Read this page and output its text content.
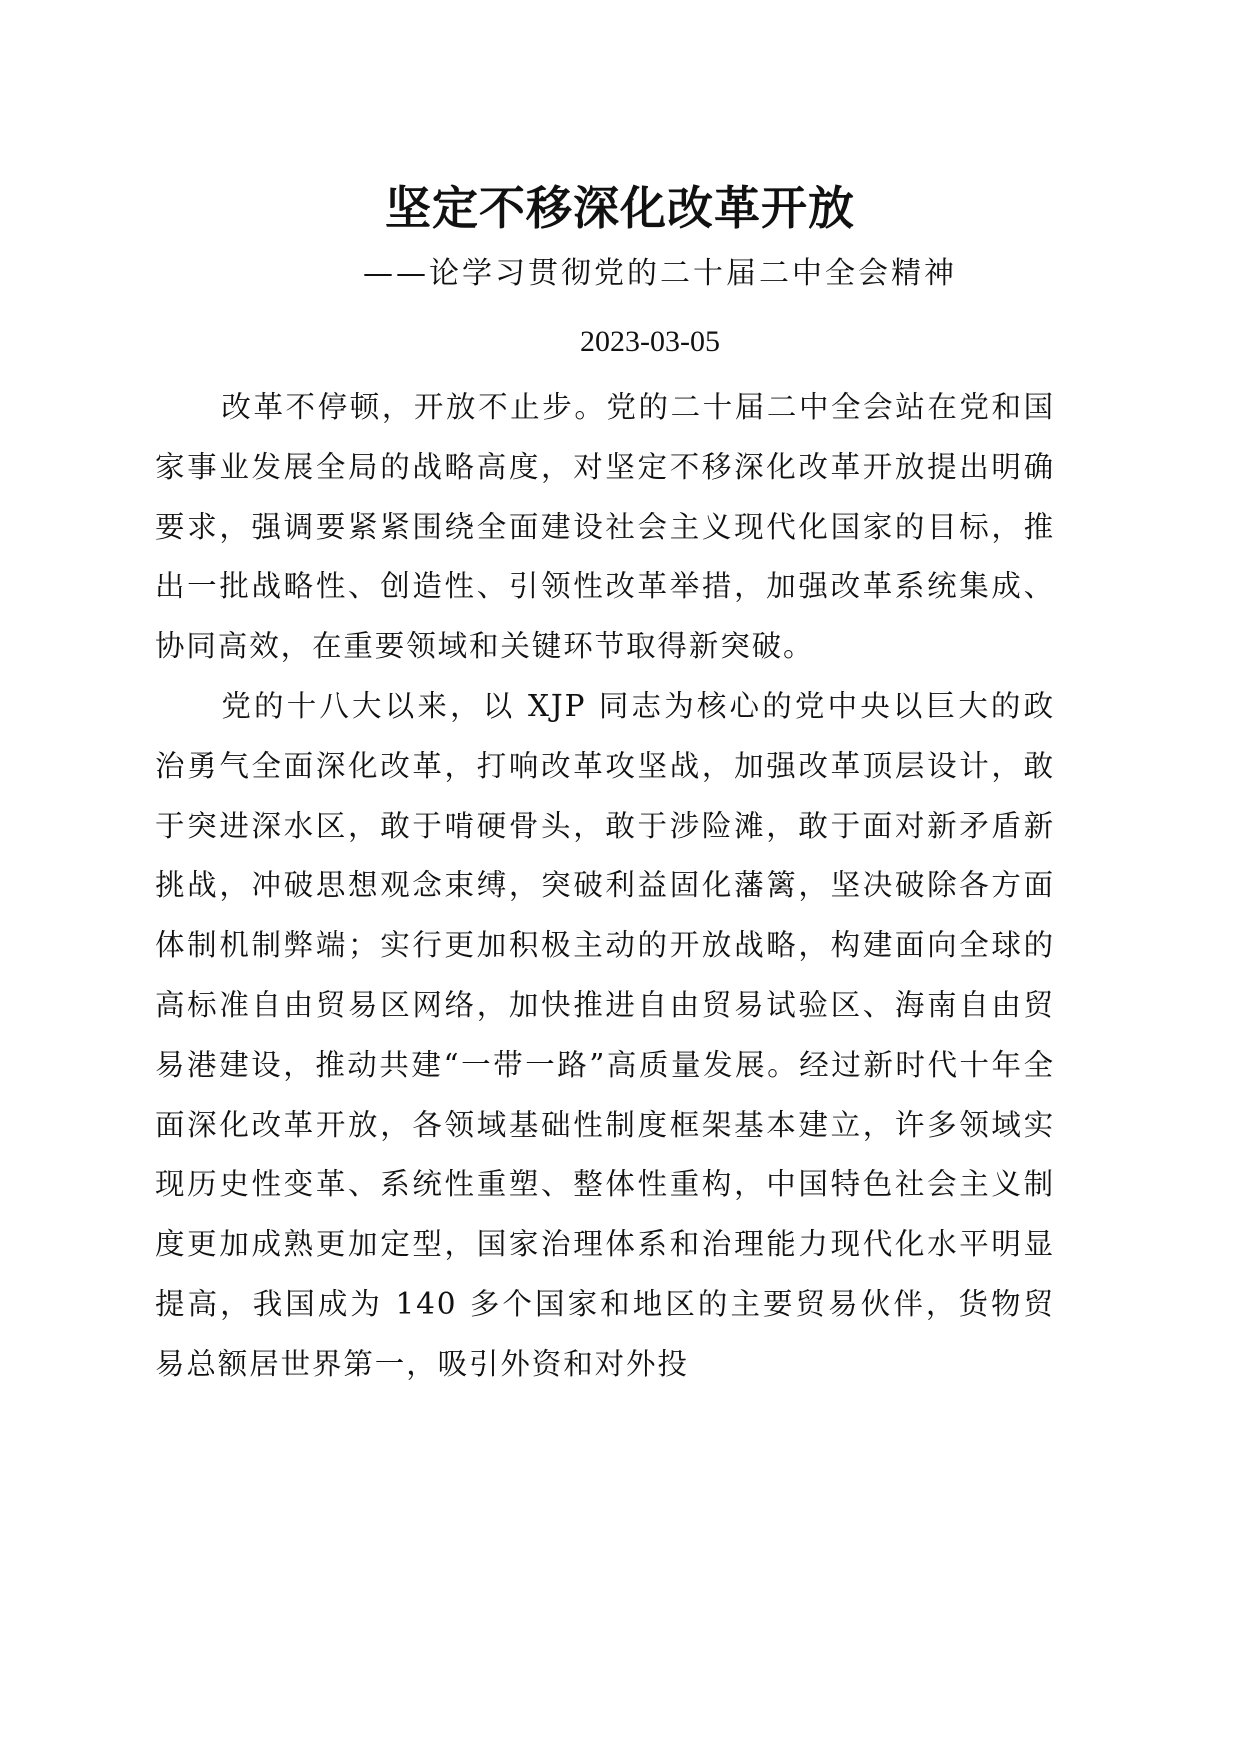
坚定不移深化改革开放

——论学习贯彻党的二十届二中全会精神

2023-03-05

改革不停顿，开放不止步。党的二十届二中全会站在党和国家事业发展全局的战略高度，对坚定不移深化改革开放提出明确要求，强调要紧紧围绕全面建设社会主义现代化国家的目标，推出一批战略性、创造性、引领性改革举措，加强改革系统集成、协同高效，在重要领域和关键环节取得新突破。

党的十八大以来，以 XJP 同志为核心的党中央以巨大的政治勇气全面深化改革，打响改革攻坚战，加强改革顶层设计，敢于突进深水区，敢于啃硬骨头，敢于涉险滩，敢于面对新矛盾新挑战，冲破思想观念束缚，突破利益固化藩篱，坚决破除各方面体制机制弊端；实行更加积极主动的开放战略，构建面向全球的高标准自由贸易区网络，加快推进自由贸易试验区、海南自由贸易港建设，推动共建“一带一路”高质量发展。经过新时代十年全面深化改革开放，各领域基础性制度框架基本建立，许多领域实现历史性变革、系统性重塑、整体性重构，中国特色社会主义制度更加成熟更加定型，国家治理体系和治理能力现代化水平明显提高，我国成为 140 多个国家和地区的主要贸易伙伴，货物贸易总额居世界第一，吸引外资和对外投
